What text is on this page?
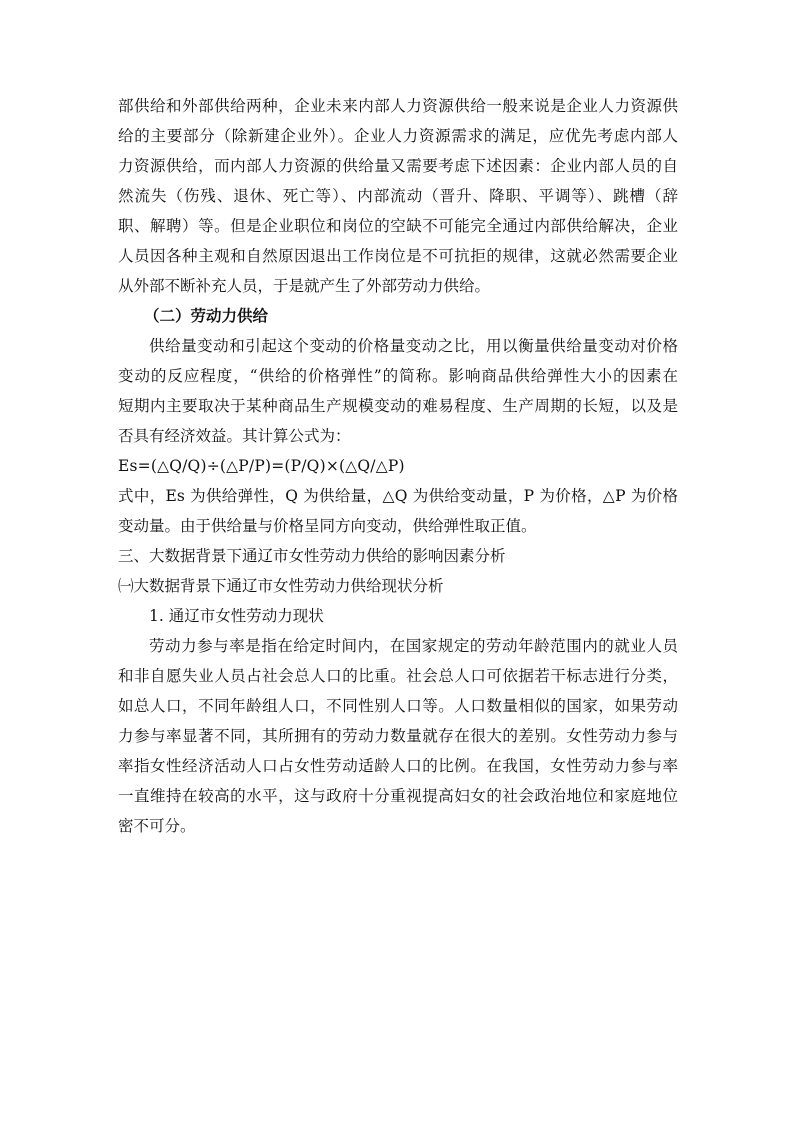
部供给和外部供给两种，企业未来内部人力资源供给一般来说是企业人力资源供
给的主要部分（除新建企业外）。企业人力资源需求的满足，应优先考虑内部人
力资源供给，而内部人力资源的供给量又需要考虑下述因素：企业内部人员的自
然流失（伤残、退休、死亡等）、内部流动（晋升、降职、平调等）、跳槽（辞
职、解聘）等。但是企业职位和岗位的空缺不可能完全通过内部供给解决，企业
人员因各种主观和自然原因退出工作岗位是不可抗拒的规律，这就必然需要企业
从外部不断补充人员，于是就产生了外部劳动力供给。
（二）劳动力供给
供给量变动和引起这个变动的价格量变动之比，用以衡量供给量变动对价格
变动的反应程度，“供给的价格弹性”的简称。影响商品供给弹性大小的因素在
短期内主要取决于某种商品生产规模变动的难易程度、生产周期的长短，以及是
否具有经济效益。其计算公式为：
Es=(△Q/Q)÷(△P/P)=(P/Q)×(△Q/△P)
式中，Es 为供给弹性，Q 为供给量，△Q 为供给变动量，P 为价格，△P 为价格
变动量。由于供给量与价格呈同方向变动，供给弹性取正值。
三、大数据背景下通辽市女性劳动力供给的影响因素分析
㈠大数据背景下通辽市女性劳动力供给现状分析
1. 通辽市女性劳动力现状
劳动力参与率是指在给定时间内，在国家规定的劳动年龄范围内的就业人员
和非自愿失业人员占社会总人口的比重。社会总人口可依据若干标志进行分类，
如总人口，不同年龄组人口，不同性别人口等。人口数量相似的国家，如果劳动
力参与率显著不同，其所拥有的劳动力数量就存在很大的差别。女性劳动力参与
率指女性经济活动人口占女性劳动适龄人口的比例。在我国，女性劳动力参与率
一直维持在较高的水平，这与政府十分重视提高妇女的社会政治地位和家庭地位
密不可分。
